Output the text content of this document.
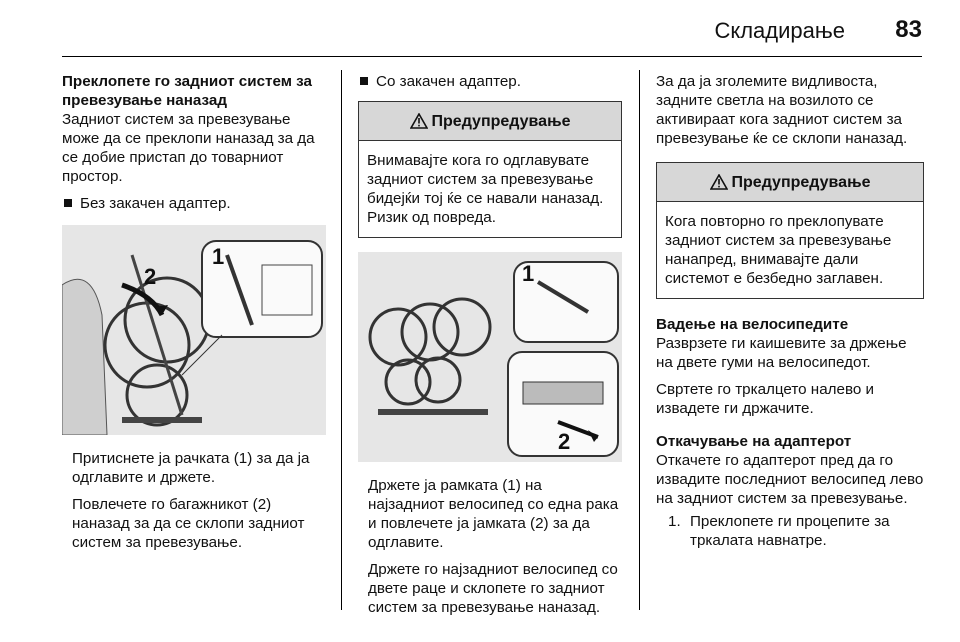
Складирање 83
Преклопете го задниот систем за превезување наназад

Задниот систем за превезување може да се преклопи наназад за да се добие пристап до товарниот простор.

Без закачен адаптер.
1
2

Притиснете ја рачката (1) за да ја одглавите и држете.

Повлечете го багажникот (2) наназад за да се склопи задниот систем за превезување.

Со закачен адаптер.
Предупредување
Внимавајте кога го одглавувате задниот систем за превезување бидејќи тој ќе се навали наназад. Ризик од повреда.
1
2

Држете ја рамката (1) на најзадниот велосипед со една рака и повлечете ја јамката (2) за да одглавите.

Држете го најзадниот велосипед со двете раце и склопете го задниот систем за превезување наназад.

За да ја зголемите видливоста, задните светла на возилото се активираат кога задниот систем за превезување ќе се склопи наназад.

Предупредување
Кога повторно го преклопувате задниот систем за превезување нанапред, внимавајте дали системот е безбедно заглавен.
Вадење на велосипедите

Разврзете ги каишевите за држење на двете гуми на велосипедот.

Свртете го тркалцето налево и извадете ги држачите.

Откачување на адаптерот

Откачете го адаптерот пред да го извадите последниот велосипед лево на задниот систем за превезување.

1. Преклопете ги процепите за тркалата навнатре.
